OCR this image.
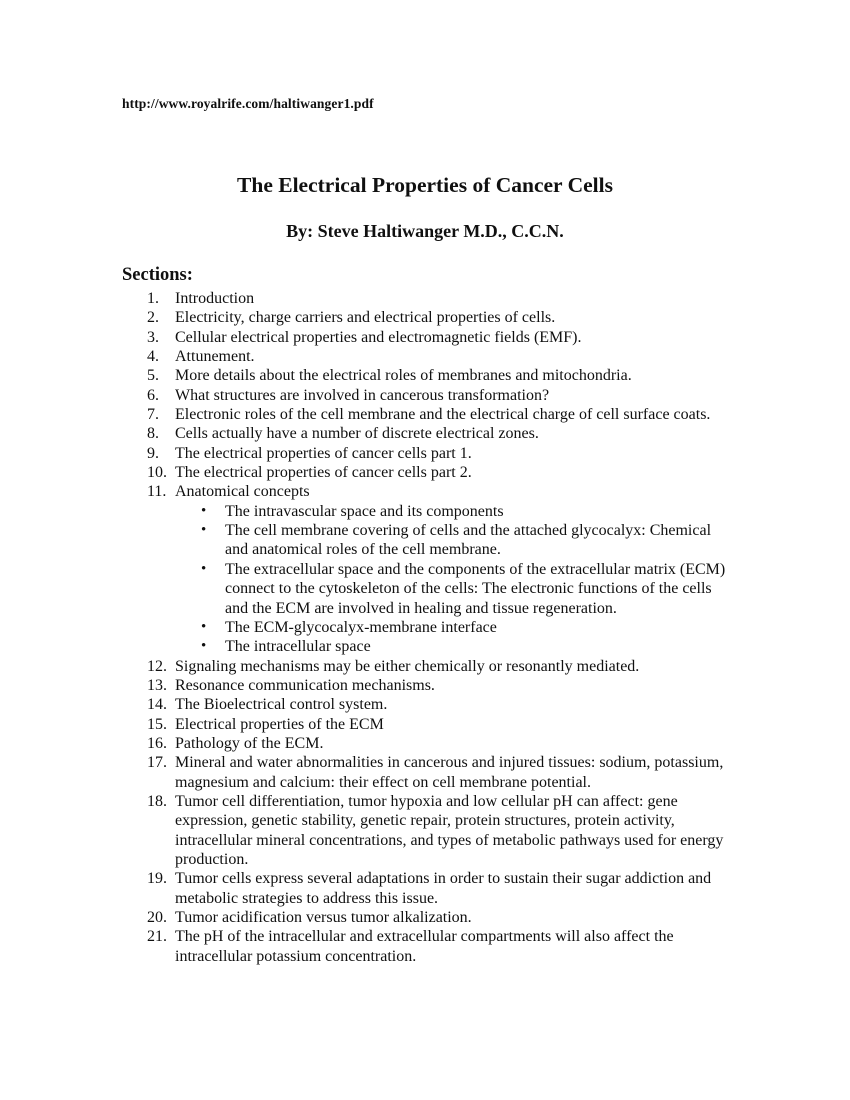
http://www.royalrife.com/haltiwanger1.pdf
The Electrical Properties of Cancer Cells
By: Steve Haltiwanger M.D., C.C.N.
Sections:
1.	Introduction
2.	Electricity, charge carriers and electrical properties of cells.
3.	Cellular electrical properties and electromagnetic fields (EMF).
4.	Attunement.
5.	More details about the electrical roles of membranes and mitochondria.
6.	What structures are involved in cancerous transformation?
7.	Electronic roles of the cell membrane and the electrical charge of cell surface coats.
8.	Cells actually have a number of discrete electrical zones.
9.	The electrical properties of cancer cells part 1.
10. The electrical properties of cancer cells part 2.
11. Anatomical concepts
•	The intravascular space and its components
•	The cell membrane covering of cells and the attached glycocalyx: Chemical and anatomical roles of the cell membrane.
•	The extracellular space and the components of the extracellular matrix (ECM) connect to the cytoskeleton of the cells: The electronic functions of the cells and the ECM are involved in healing and tissue regeneration.
•	The ECM-glycocalyx-membrane interface
•	The intracellular space
12. Signaling mechanisms may be either chemically or resonantly mediated.
13. Resonance communication mechanisms.
14. The Bioelectrical control system.
15. Electrical properties of the ECM
16. Pathology of the ECM.
17. Mineral and water abnormalities in cancerous and injured tissues: sodium, potassium, magnesium and calcium: their effect on cell membrane potential.
18. Tumor cell differentiation, tumor hypoxia and low cellular pH can affect: gene expression, genetic stability, genetic repair, protein structures, protein activity, intracellular mineral concentrations, and types of metabolic pathways used for energy production.
19. Tumor cells express several adaptations in order to sustain their sugar addiction and metabolic strategies to address this issue.
20. Tumor acidification versus tumor alkalization.
21. The pH of the intracellular and extracellular compartments will also affect the intracellular potassium concentration.
